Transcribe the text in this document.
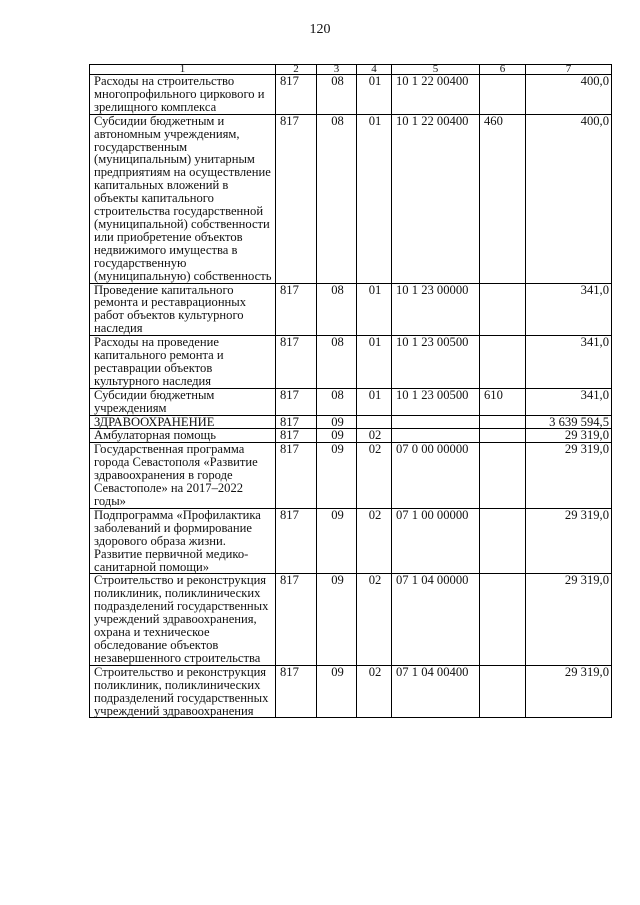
120
1	2	3	4	5	6	7
Расходы на строительство многопрофильного циркового и зрелищного комплекса	817	08	01	10 1 22 00400		400,0
Субсидии бюджетным и автономным учреждениям, государственным (муниципальным) унитарным предприятиям на осуществление капитальных вложений в объекты капитального строительства государственной (муниципальной) собственности или приобретение объектов недвижимого имущества в государственную (муниципальную) собственность	817	08	01	10 1 22 00400	460	400,0
Проведение капитального ремонта и реставрационных работ объектов культурного наследия	817	08	01	10 1 23 00000		341,0
Расходы на проведение капитального ремонта и реставрации объектов культурного наследия	817	08	01	10 1 23 00500		341,0
Субсидии бюджетным учреждениям	817	08	01	10 1 23 00500	610	341,0
ЗДРАВООХРАНЕНИЕ	817	09				3 639 594,5
Амбулаторная помощь	817	09	02			29 319,0
Государственная программа города Севастополя «Развитие здравоохранения в городе Севастополе» на 2017–2022 годы»	817	09	02	07 0 00 00000		29 319,0
Подпрограмма «Профилактика заболеваний и формирование здорового образа жизни. Развитие первичной медико-санитарной помощи»	817	09	02	07 1 00 00000		29 319,0
Строительство и реконструкция поликлиник, поликлинических подразделений государственных учреждений здравоохранения, охрана и техническое обследование объектов незавершенного строительства	817	09	02	07 1 04 00000		29 319,0
Строительство и реконструкция поликлиник, поликлинических подразделений государственных учреждений здравоохранения	817	09	02	07 1 04 00400		29 319,0
